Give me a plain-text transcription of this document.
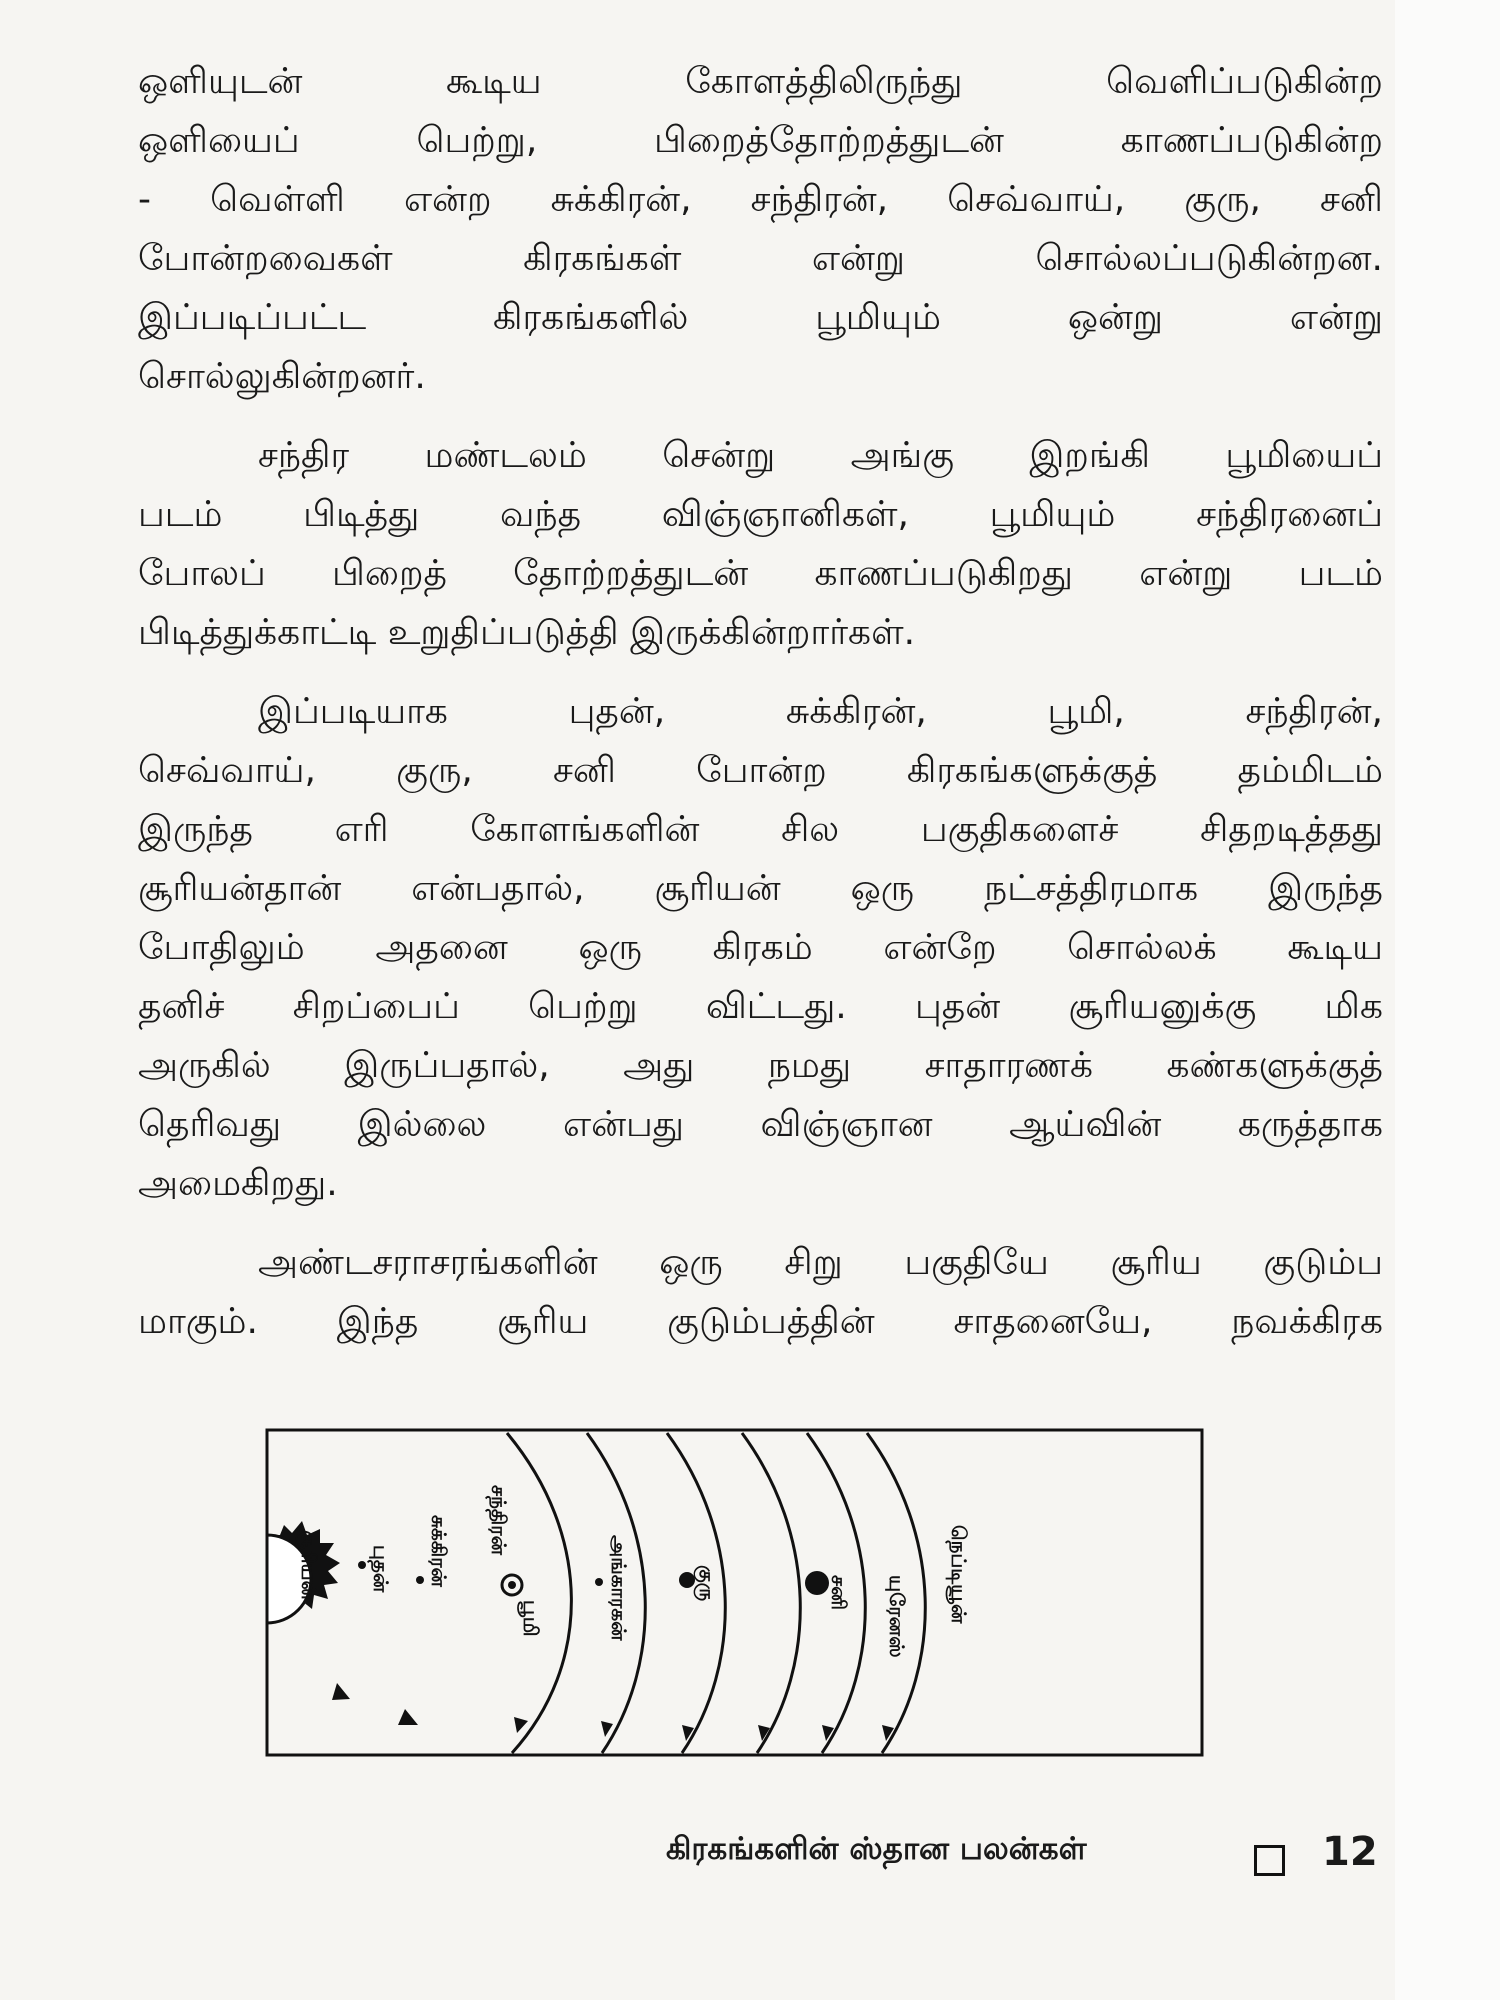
ஒளியுடன் கூடிய கோளத்திலிருந்து வெளிப்படுகின்ற

ஒளியைப் பெற்று, பிறைத்தோற்றத்துடன் காணப்படுகின்ற

- வெள்ளி என்ற சுக்கிரன், சந்திரன், செவ்வாய், குரு, சனி

போன்றவைகள் கிரகங்கள் என்று சொல்லப்படுகின்றன.

இப்படிப்பட்ட கிரகங்களில் பூமியும் ஒன்று என்று

சொல்லுகின்றனர்.

சந்திர மண்டலம் சென்று அங்கு இறங்கி பூமியைப்

படம் பிடித்து வந்த விஞ்ஞானிகள், பூமியும் சந்திரனைப்

போலப் பிறைத் தோற்றத்துடன் காணப்படுகிறது என்று படம்

பிடித்துக்காட்டி உறுதிப்படுத்தி இருக்கின்றார்கள்.

இப்படியாக புதன், சுக்கிரன், பூமி, சந்திரன்,

செவ்வாய், குரு, சனி போன்ற கிரகங்களுக்குத் தம்மிடம்

இருந்த எரி கோளங்களின் சில பகுதிகளைச் சிதறடித்தது

சூரியன்தான் என்பதால், சூரியன் ஒரு நட்சத்திரமாக இருந்த

போதிலும் அதனை ஒரு கிரகம் என்றே சொல்லக் கூடிய

தனிச் சிறப்பைப் பெற்று விட்டது. புதன் சூரியனுக்கு மிக

அருகில் இருப்பதால், அது நமது சாதாரணக் கண்களுக்குத்

தெரிவது இல்லை என்பது விஞ்ஞான ஆய்வின் கருத்தாக

அமைகிறது.

அண்டசராசரங்களின் ஒரு சிறு பகுதியே சூரிய குடும்ப

மாகும். இந்த சூரிய குடும்பத்தின் சாதனையே, நவக்கிரக

சூரியன் புதன் சுக்கிரன் சந்திரன்
பூமி	அங்காரகன்	குரு	சனி யுரேனஸ் நெப்டியூன்
கிரகங்களின் ஸ்தான பலன்கள்	12
